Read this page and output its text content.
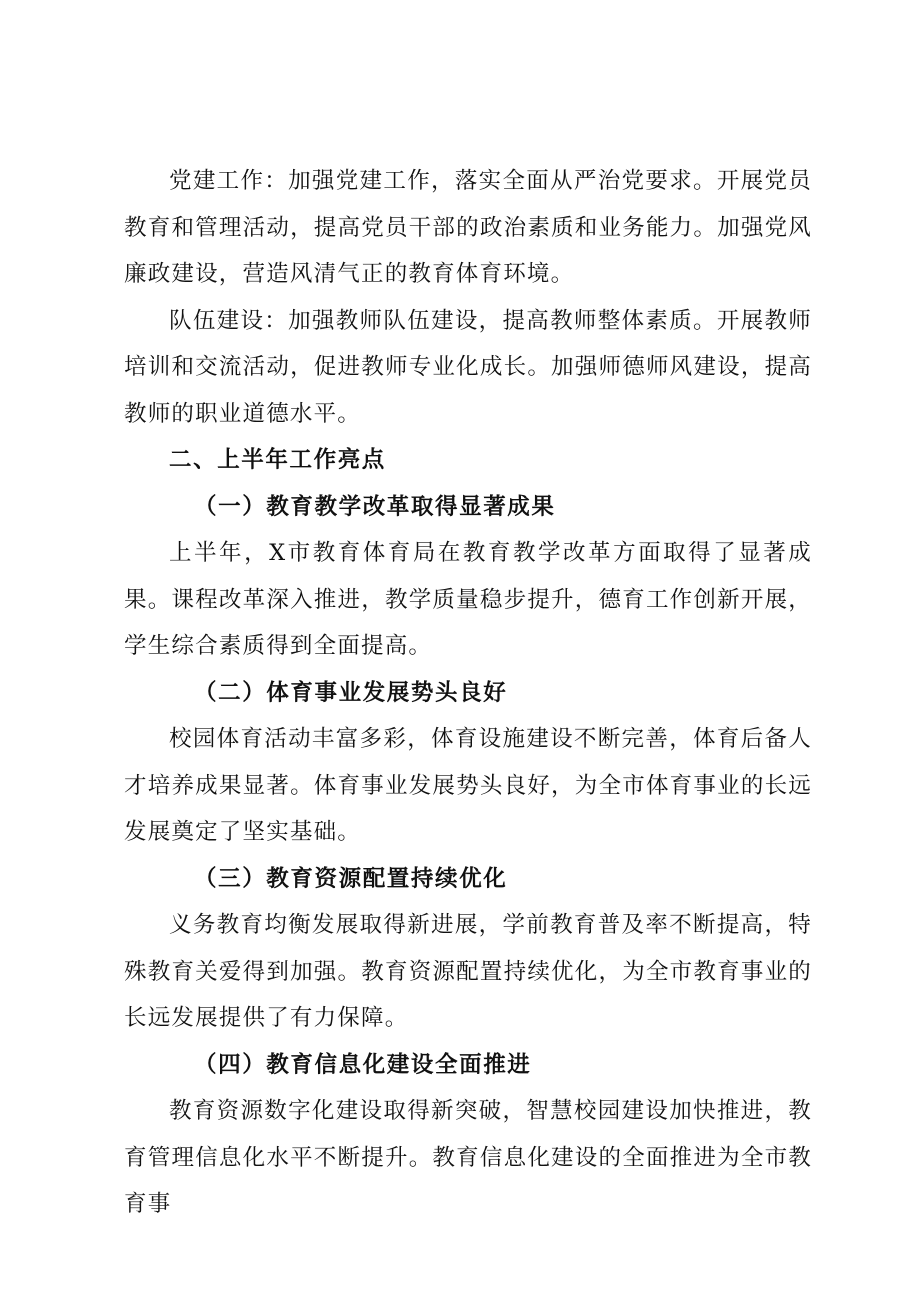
党建工作：加强党建工作，落实全面从严治党要求。开展党员教育和管理活动，提高党员干部的政治素质和业务能力。加强党风廉政建设，营造风清气正的教育体育环境。

队伍建设：加强教师队伍建设，提高教师整体素质。开展教师培训和交流活动，促进教师专业化成长。加强师德师风建设，提高教师的职业道德水平。

二、上半年工作亮点

（一）教育教学改革取得显著成果

上半年，X市教育体育局在教育教学改革方面取得了显著成果。课程改革深入推进，教学质量稳步提升，德育工作创新开展，学生综合素质得到全面提高。

（二）体育事业发展势头良好

校园体育活动丰富多彩，体育设施建设不断完善，体育后备人才培养成果显著。体育事业发展势头良好，为全市体育事业的长远发展奠定了坚实基础。

（三）教育资源配置持续优化

义务教育均衡发展取得新进展，学前教育普及率不断提高，特殊教育关爱得到加强。教育资源配置持续优化，为全市教育事业的长远发展提供了有力保障。

（四）教育信息化建设全面推进

教育资源数字化建设取得新突破，智慧校园建设加快推进，教育管理信息化水平不断提升。教育信息化建设的全面推进为全市教育事
